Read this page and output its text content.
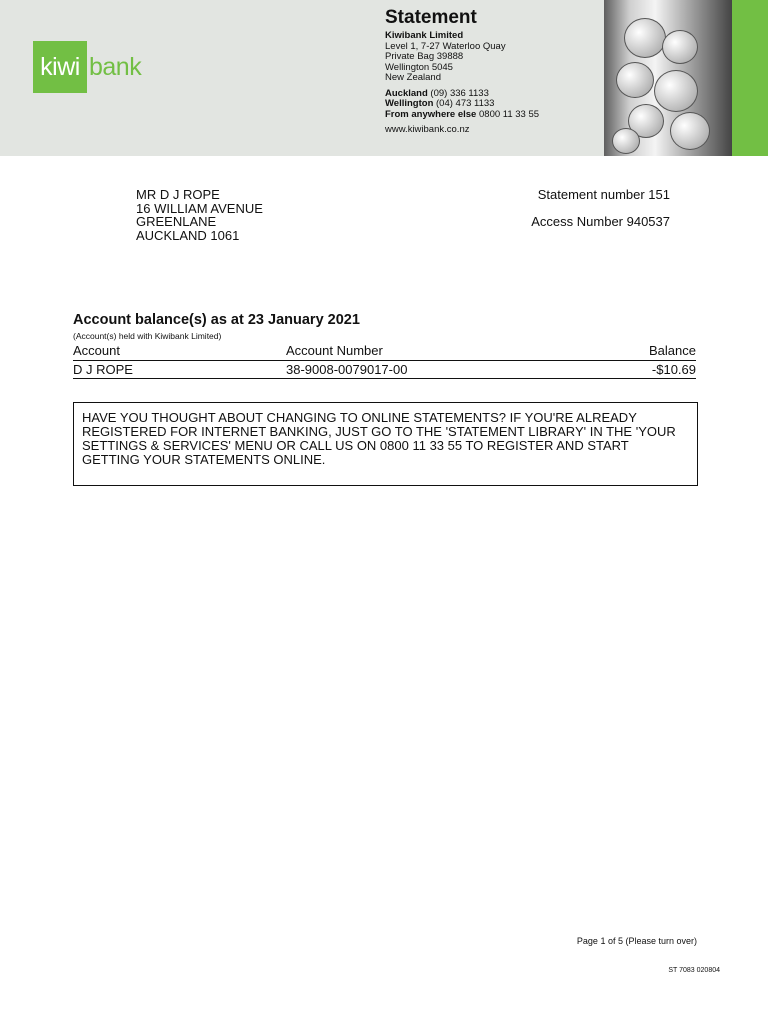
kiwi bank
Statement
Kiwibank Limited
Level 1, 7-27 Waterloo Quay
Private Bag 39888
Wellington 5045
New Zealand
Auckland (09) 336 1133
Wellington (04) 473 1133
From anywhere else 0800 11 33 55
www.kiwibank.co.nz
MR D J ROPE
16 WILLIAM AVENUE
GREENLANE
AUCKLAND 1061
Statement number 151
Access Number 940537
Account balance(s) as at 23 January 2021
(Account(s) held with Kiwibank Limited)
Account	Account Number	Balance
D J ROPE	38-9008-0079017-00	-$10.69
HAVE YOU THOUGHT ABOUT CHANGING TO ONLINE STATEMENTS? IF YOU'RE ALREADY REGISTERED FOR INTERNET BANKING, JUST GO TO THE 'STATEMENT LIBRARY' IN THE 'YOUR SETTINGS & SERVICES' MENU OR CALL US ON 0800 11 33 55 TO REGISTER AND START GETTING YOUR STATEMENTS ONLINE.
Page 1 of 5 (Please turn over)
ST 7083 020804
